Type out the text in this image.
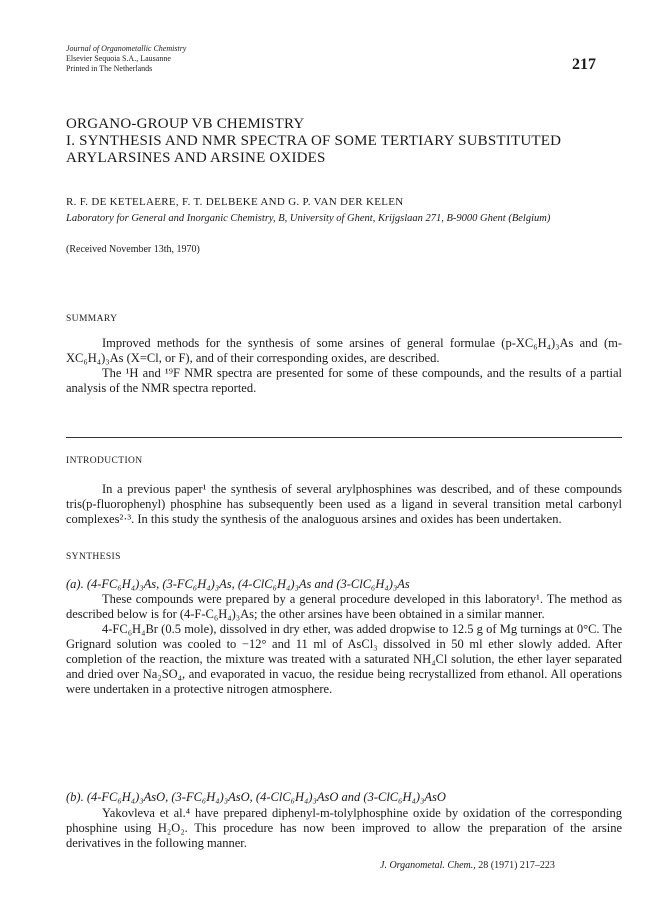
Journal of Organometallic Chemistry
Elsevier Sequoia S.A., Lausanne
Printed in The Netherlands	217
ORGANO-GROUP VB CHEMISTRY
I. SYNTHESIS AND NMR SPECTRA OF SOME TERTIARY SUBSTITUTED
ARYLARSINES AND ARSINE OXIDES
R. F. DE KETELAERE, F. T. DELBEKE AND G. P. VAN DER KELEN
Laboratory for General and Inorganic Chemistry, B, University of Ghent, Krijgslaan 271, B-9000 Ghent (Belgium)
(Received November 13th, 1970)
SUMMARY

Improved methods for the synthesis of some arsines of general formulae (p-XC₆H₄)₃As and (m-XC₆H₄)₃As (X=Cl, or F), and of their corresponding oxides, are described.

The ¹H and ¹⁹F NMR spectra are presented for some of these compounds, and the results of a partial analysis of the NMR spectra reported.

INTRODUCTION

In a previous paper¹ the synthesis of several arylphosphines was described, and of these compounds tris(p-fluorophenyl) phosphine has subsequently been used as a ligand in several transition metal carbonyl complexes²·³. In this study the synthesis of the analoguous arsines and oxides has been undertaken.

SYNTHESIS
(a). (4-FC₆H₄)₃As, (3-FC₆H₄)₃As, (4-ClC₆H₄)₃As and (3-ClC₆H₄)₃As

These compounds were prepared by a general procedure developed in this laboratory¹. The method as described below is for (4-F-C₆H₄)₃As; the other arsines have been obtained in a similar manner.

4-FC₆H₄Br (0.5 mole), dissolved in dry ether, was added dropwise to 12.5 g of Mg turnings at 0°C. The Grignard solution was cooled to −12° and 11 ml of AsCl₃ dissolved in 50 ml ether slowly added. After completion of the reaction, the mixture was treated with a saturated NH₄Cl solution, the ether layer separated and dried over Na₂SO₄, and evaporated in vacuo, the residue being recrystallized from ethanol. All operations were undertaken in a protective nitrogen atmosphere.

(b). (4-FC₆H₄)₃AsO, (3-FC₆H₄)₃AsO, (4-ClC₆H₄)₃AsO and (3-ClC₆H₄)₃AsO

Yakovleva et al.⁴ have prepared diphenyl-m-tolylphosphine oxide by oxidation of the corresponding phosphine using H₂O₂. This procedure has now been improved to allow the preparation of the arsine derivatives in the following manner.

J. Organometal. Chem., 28 (1971) 217–223
